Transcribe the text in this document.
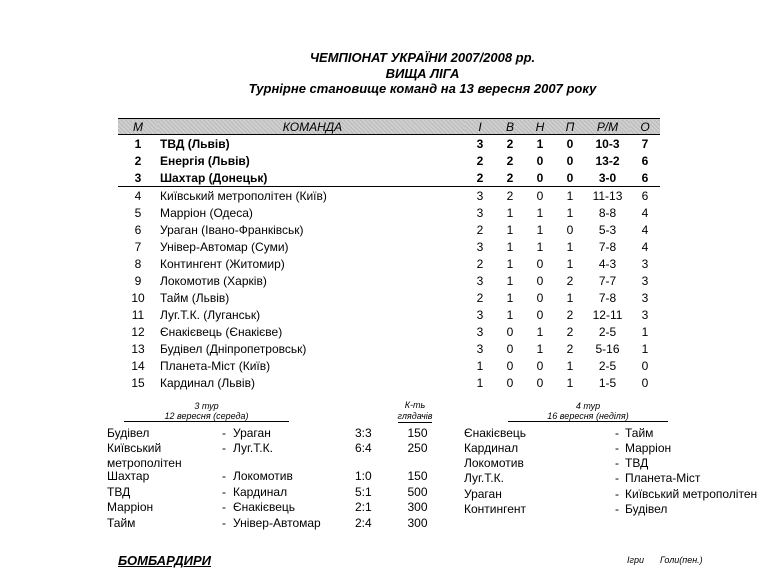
ЧЕМПІОНАТ УКРАЇНИ 2007/2008 рр.
ВИЩА ЛІГА
Турнірне становище команд на 13 вересня 2007 року
М	КОМАНДА	І	В	Н	П	Р/М	О
1	ТВД (Львів)	3	2	1	0	10-3	7
2	Енергія (Львів)	2	2	0	0	13-2	6
3	Шахтар (Донецьк)	2	2	0	0	3-0	6
4	Київський метрополітен (Київ)	3	2	0	1	11-13	6
5	Марріон (Одеса)	3	1	1	1	8-8	4
6	Ураган (Івано-Франківськ)	2	1	1	0	5-3	4
7	Універ-Автомар (Суми)	3	1	1	1	7-8	4
8	Контингент (Житомир)	2	1	0	1	4-3	3
9	Локомотив (Харків)	3	1	0	2	7-7	3
10	Тайм (Львів)	2	1	0	1	7-8	3
11	Луг.Т.К. (Луганськ)	3	1	0	2	12-11	3
12	Єнакієвець (Єнакієве)	3	0	1	2	2-5	1
13	Будівел (Дніпропетровськ)	3	0	1	2	5-16	1
14	Планета-Міст (Київ)	1	0	0	1	2-5	0
15	Кардинал (Львів)	1	0	0	1	1-5	0
3 тур
12 вересня (середа)
К-ть
глядачів
4 тур
16 вересня (неділя)
Будівел	- Ураган	3:3	150
Київський метрополітен
- Луг.Т.К.	6:4	250
Шахтар	- Локомотив	1:0	150
ТВД	- Кардинал	5:1	500
Марріон	- Єнакієвець	2:1	300
Тайм	- Універ-Автомар	2:4	300
Єнакієвець	- Тайм
Кардинал	- Марріон
Локомотив	- ТВД
Луг.Т.К.	- Планета-Міст
Ураган	- Київський метрополітен
Контингент	- Будівел
БОМБАРДИРИ	Ігри Голи(пен.)
